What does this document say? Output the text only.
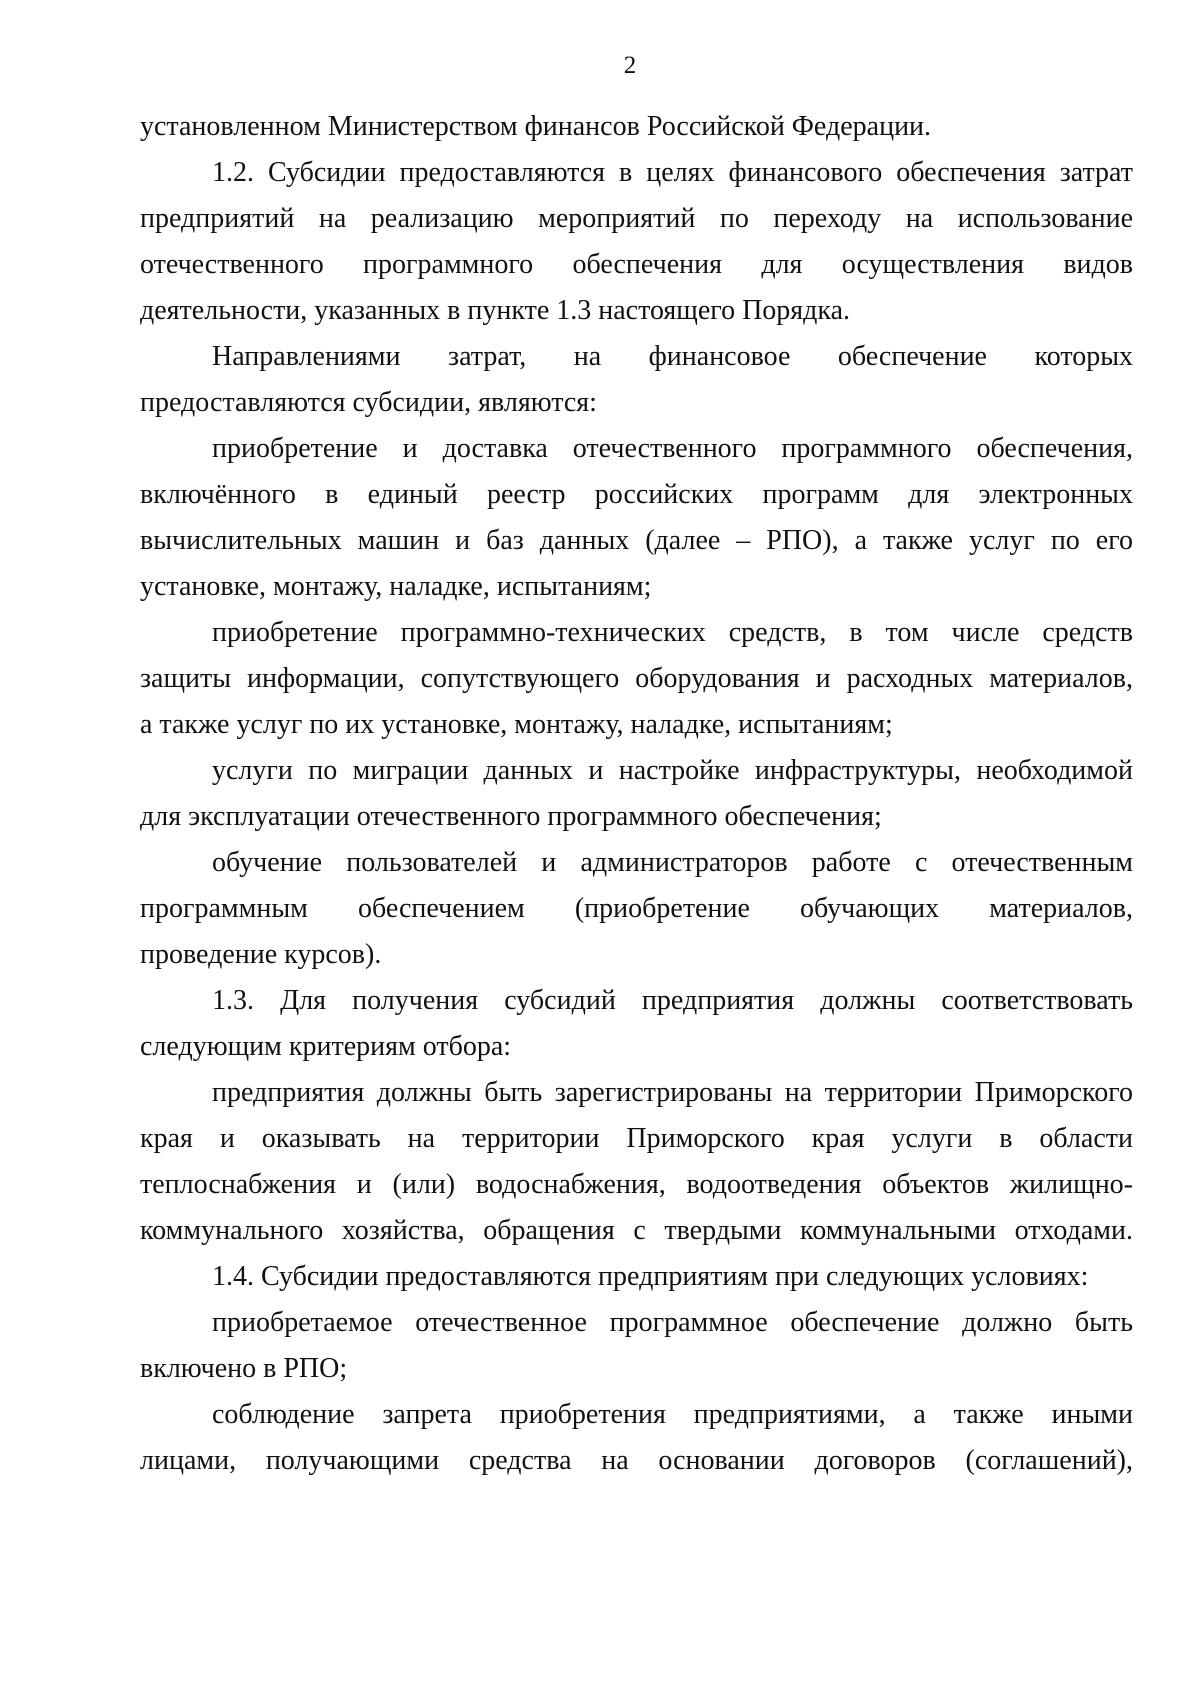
2
установленном Министерством финансов Российской Федерации.
1.2. Субсидии предоставляются в целях финансового обеспечения затрат
предприятий на реализацию мероприятий по переходу на использование
отечественного программного обеспечения для осуществления видов
деятельности, указанных в пункте 1.3 настоящего Порядка.
Направлениями затрат, на финансовое обеспечение которых
предоставляются субсидии, являются:
приобретение и доставка отечественного программного обеспечения,
включённого в единый реестр российских программ для электронных
вычислительных машин и баз данных (далее – РПО), а также услуг по его
установке, монтажу, наладке, испытаниям;
приобретение программно-технических средств, в том числе средств
защиты информации, сопутствующего оборудования и расходных материалов,
а также услуг по их установке, монтажу, наладке, испытаниям;
услуги по миграции данных и настройке инфраструктуры, необходимой
для эксплуатации отечественного программного обеспечения;
обучение пользователей и администраторов работе с отечественным
программным обеспечением (приобретение обучающих материалов,
проведение курсов).
1.3. Для получения субсидий предприятия должны соответствовать
следующим критериям отбора:
предприятия должны быть зарегистрированы на территории Приморского
края и оказывать на территории Приморского края услуги в области
теплоснабжения и (или) водоснабжения, водоотведения объектов жилищно-
коммунального хозяйства, обращения с твердыми коммунальными отходами.
1.4. Субсидии предоставляются предприятиям при следующих условиях:
приобретаемое отечественное программное обеспечение должно быть
включено в РПО;
соблюдение запрета приобретения предприятиями, а также иными
лицами, получающими средства на основании договоров (соглашений),
